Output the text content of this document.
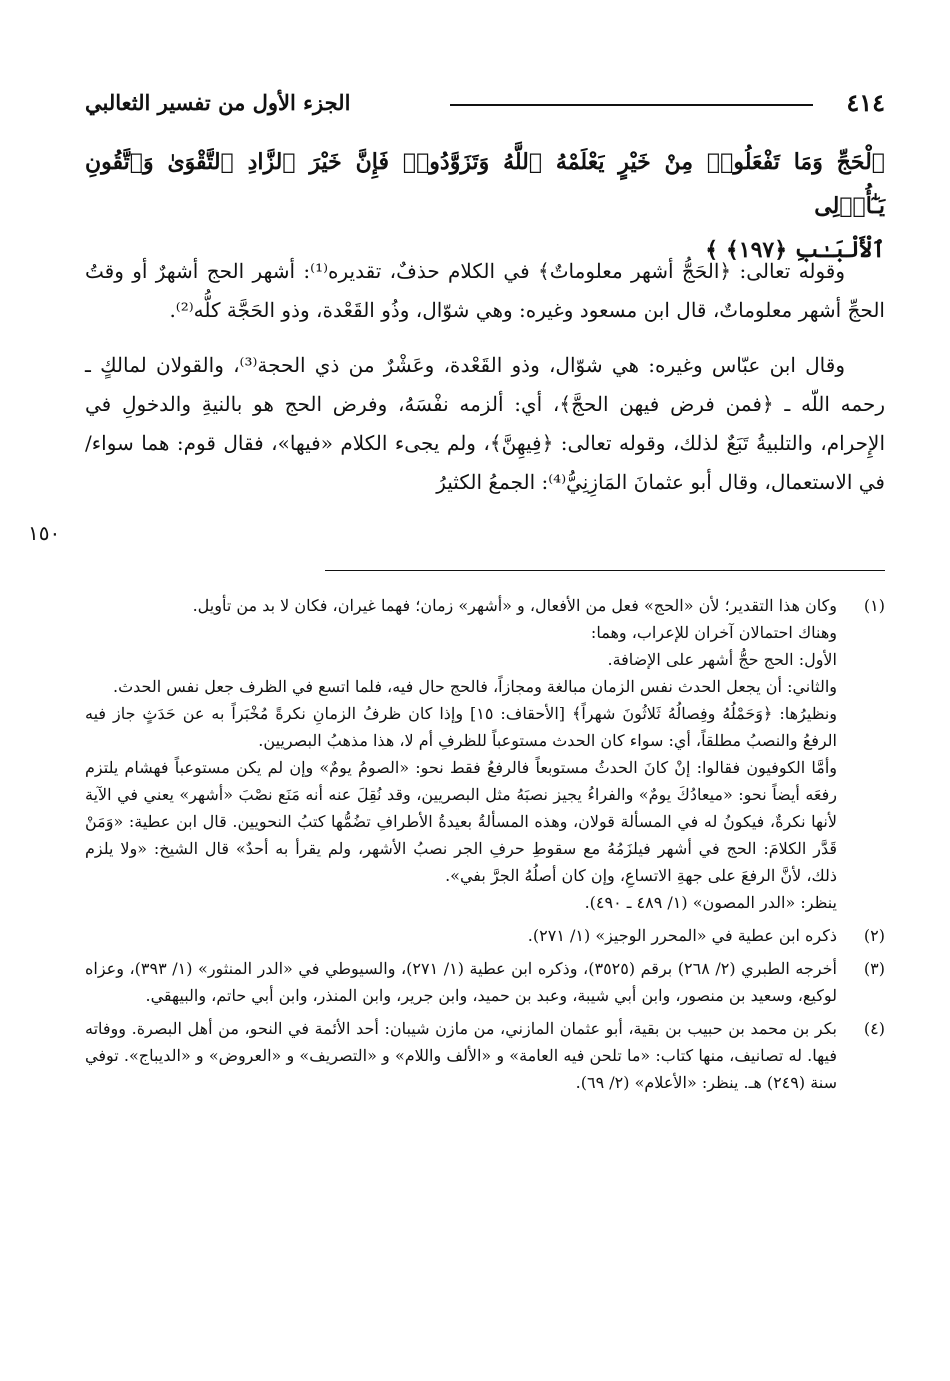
٤١٤
الجزء الأول من تفسير الثعالبي
ٱلْحَجِّ وَمَا تَفْعَلُوا۟ مِنْ خَيْرٍ يَعْلَمْهُ ٱللَّهُ وَتَزَوَّدُوا۟ فَإِنَّ خَيْرَ ٱلزَّادِ ٱلتَّقْوَىٰ وَٱتَّقُونِ يَـٰٓأُو۟لِى
ٱلْأَلْبَـٰبِ ﴿١٩٧﴾ ﴾

وقوله تعالى: ﴿الحَجُّ أشهر معلوماتٌ﴾ في الكلام حذفٌ، تقديره⁽¹⁾: أشهر الحج أشهرٌ أو وقتُ الحجِّ أشهر معلوماتٌ، قال ابن مسعود وغيره: وهي شوّال، وذُو القَعْدة، وذو الحَجَّة كلُّه⁽²⁾.

وقال ابن عبّاس وغيره: هي شوّال، وذو القَعْدة، وعَشْرٌ من ذي الحجة⁽³⁾، والقولان لمالكٍ ـ رحمه اللّه ـ ﴿فمن فرض فيهن الحجَّ﴾، أي: ألزمه نفْسَهُ، وفرض الحج هو بالنيةِ والدخولِ في الإِحرام، والتلبيةُ تَبَعٌ لذلك، وقوله تعالى: ﴿فِيهِنَّ﴾، ولم يجىء الكلام «فيها»، فقال قوم: هما سواء/ في الاستعمال، وقال أبو عثمانَ المَازِنِيُّ⁽⁴⁾: الجمعُ الكثيرُ

١٥٠
(١)

وكان هذا التقدير؛ لأن «الحج» فعل من الأفعال، و «أشهر» زمان؛ فهما غيران، فكان لا بد من تأويل.

وهناك احتمالان آخران للإعراب، وهما:

الأول: الحج حجُّ أشهر على الإضافة.

والثاني: أن يجعل الحدث نفس الزمان مبالغة ومجازاً، فالحج حال فيه، فلما اتسع في الظرف جعل نفس الحدث.

ونظيرُها: ﴿وَحَمْلُهُ وفِصالُهُ ثَلاثُونَ شهراً﴾ [الأحقاف: ١٥] وإذا كان ظرفُ الزمانِ نكرةً مُخْبَراً به عن حَدَثٍ جاز فيه الرفعُ والنصبُ مطلقاً، أي: سواء كان الحدث مستوعباً للظرفِ أم لا، هذا مذهبُ البصريين.

وأمَّا الكوفيون فقالوا: إنْ كانَ الحدثُ مستوبعاً فالرفعُ فقط نحو: «الصومُ يومٌ» وإن لم يكن مستوعباً فهشام يلتزم رفعَه أيضاً نحو: «ميعادُكَ يومٌ» والفراءُ يجيز نصبَهُ مثل البصريين، وقد نُقِلَ عنه أنه مَنَع نصْبَ «أشهر» يعني في الآية لأنها نكرةٌ، فيكونُ له في المسألة قولان، وهذه المسألةُ بعيدةُ الأطرافِ تضُمُّها كتبُ النحويين. قال ابن عطية: «وَمَنْ قَدَّر الكلامَ: الحج في أشهر فيلزَمُهُ مع سقوطِ حرفِ الجر نصبُ الأشهر، ولم يقرأ به أحدٌ» قال الشيخ: «ولا يلزم ذلك، لأنَّ الرفعَ على جهةِ الاتساعِ، وإن كان أصلُهُ الجرَّ بفي».

ينظر: «الدر المصون» (١/ ٤٨٩ ـ ٤٩٠).

(٢)
ذكره ابن عطية في «المحرر الوجيز» (١/ ٢٧١).
(٣)
أخرجه الطبري (٢/ ٢٦٨) برقم (٣٥٢٥)، وذكره ابن عطية (١/ ٢٧١)، والسيوطي في «الدر المنثور» (١/ ٣٩٣)، وعزاه لوكيع، وسعيد بن منصور، وابن أبي شيبة، وعبد بن حميد، وابن جرير، وابن المنذر، وابن أبي حاتم، والبيهقي.
(٤)
بكر بن محمد بن حبيب بن بقية، أبو عثمان المازني، من مازن شيبان: أحد الأئمة في النحو، من أهل البصرة. ووفاته فيها. له تصانيف، منها كتاب: «ما تلحن فيه العامة» و «الألف واللام» و «التصريف» و «العروض» و «الديباج». توفي سنة (٢٤٩) هـ. ينظر: «الأعلام» (٢/ ٦٩).
